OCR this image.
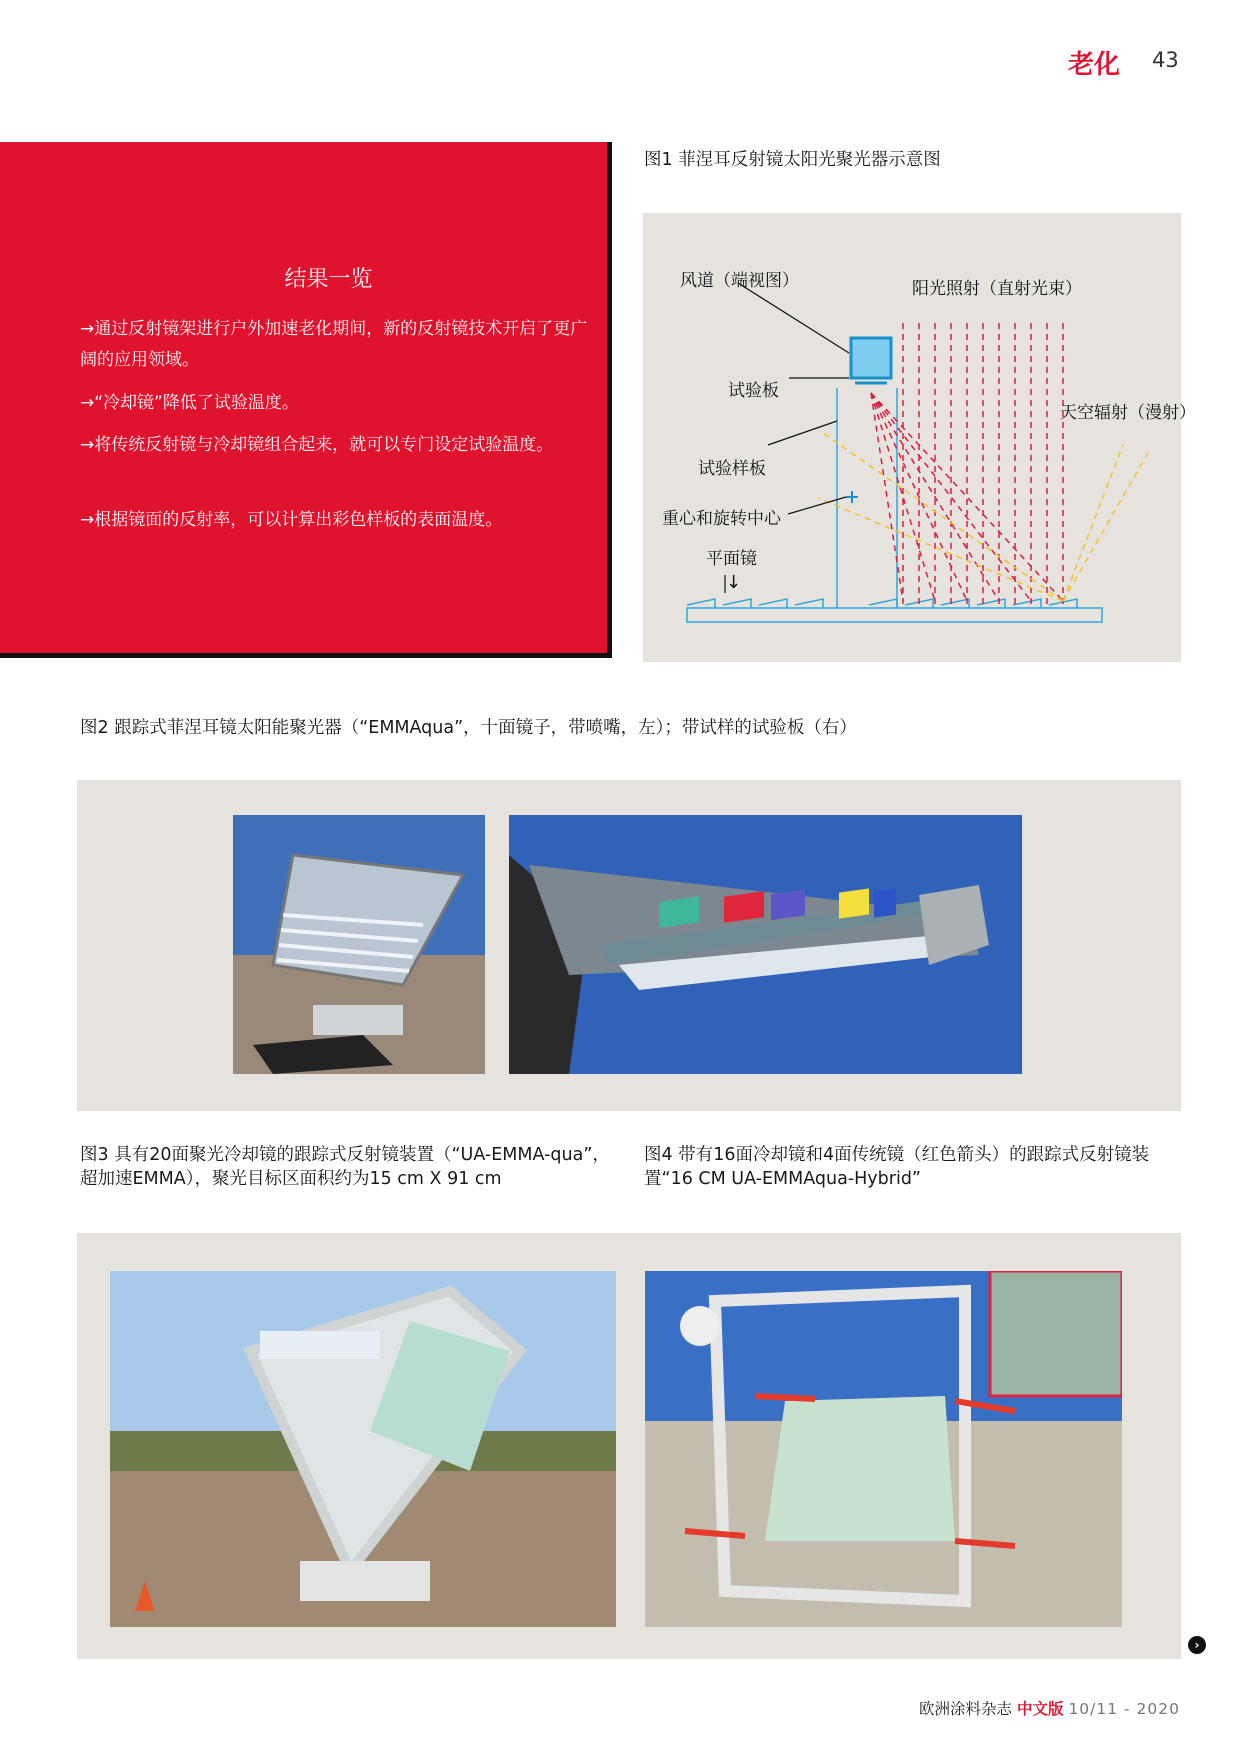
老化 43
结果一览
→通过反射镜架进行户外加速老化期间，新的反射镜技术开启了更广阔的应用领域。
→“冷却镜”降低了试验温度。
→将传统反射镜与冷却镜组合起来，就可以专门设定试验温度。
→根据镜面的反射率，可以计算出彩色样板的表面温度。
图1 菲涅耳反射镜太阳光聚光器示意图
风道（端视图）	阳光照射（直射光束）
试验板
天空辐射（漫射）
试验样板
重心和旋转中心
平面镜
↓
图2 跟踪式菲涅耳镜太阳能聚光器（“EMMAqua”，十面镜子，带喷嘴，左）；带试样的试验板（右）
图3 具有20面聚光冷却镜的跟踪式反射镜装置（“UA-EMMA-qua”，超加速EMMA），聚光目标区面积约为15 cm X 91 cm
图4 带有16面冷却镜和4面传统镜（红色箭头）的跟踪式反射镜装置“16 CM UA-EMMAqua-Hybrid”
›
欧洲涂料杂志 中文版 10/11 - 2020
